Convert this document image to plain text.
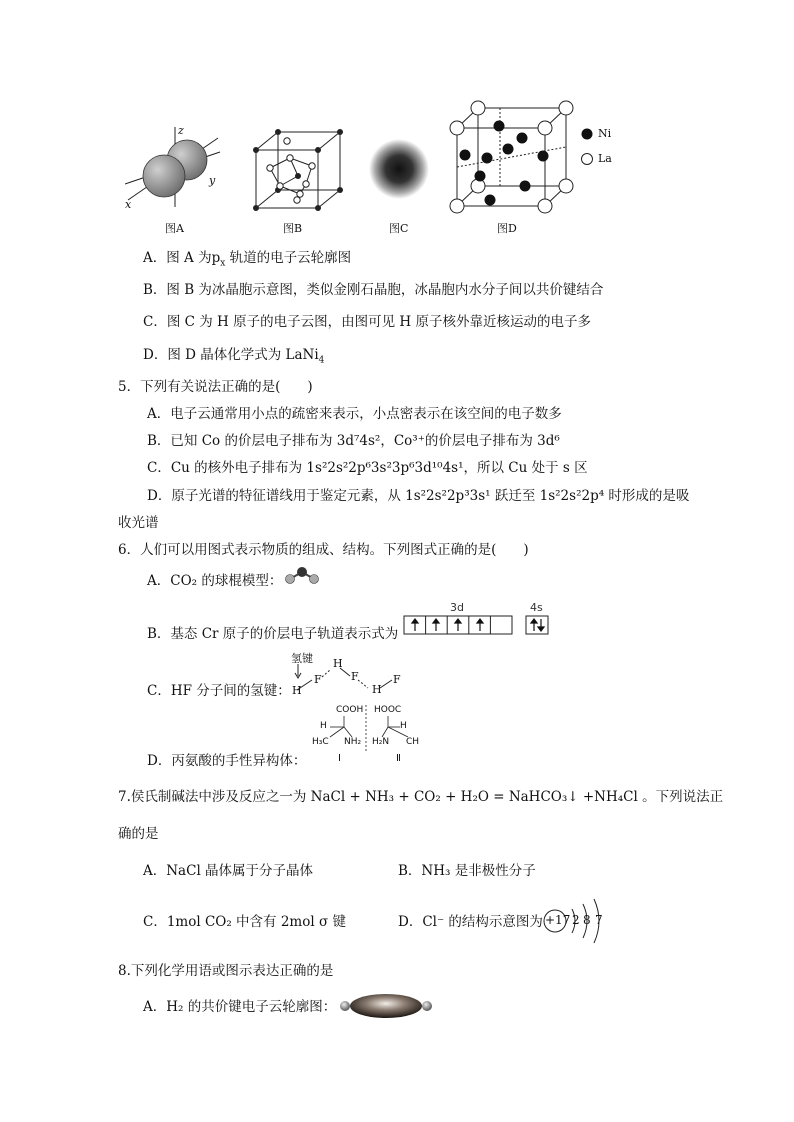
z
y
x
图A	图B	图C	图D
Ni
La
A．图 A 为$p_x$ 轨道的电子云轮廓图
B．图 B 为冰晶胞示意图，类似金刚石晶胞，冰晶胞内水分子间以共价键结合
C．图 C 为 H 原子的电子云图，由图可见 H 原子核外靠近核运动的电子多
D．图 D 晶体化学式为 LaNi$_4$
5．下列有关说法正确的是(　　)
A．电子云通常用小点的疏密来表示，小点密表示在该空间的电子数多
B．已知 Co 的价层电子排布为 3d⁷4s²，Co³⁺的价层电子排布为 3d⁶
C．Cu 的核外电子排布为 1s²2s²2p⁶3s²3p⁶3d¹⁰4s¹，所以 Cu 处于 s 区
D．原子光谱的特征谱线用于鉴定元素，从 1s²2s²2p³3s¹ 跃迁至 1s²2s²2p⁴ 时形成的是吸
收光谱
6．人们可以用图式表示物质的组成、结构。下列图式正确的是(　　)
A．CO₂ 的球棍模型：
B．基态 Cr 原子的价层电子轨道表示式为
3d	4s
C．HF 分子间的氢键：
氢键
H
F
H
F
H
F
D．丙氨酸的手性异构体：
COOH HOOC
H	H
H₃C NH₂ H₂N CH
Ⅰ	Ⅱ
7.侯氏制碱法中涉及反应之一为 NaCl + NH₃ + CO₂ + H₂O = NaHCO₃↓ +NH₄Cl 。下列说法正
确的是
A．NaCl 晶体属于分子晶体	B．NH₃ 是非极性分子
C．1mol CO₂ 中含有 2mol σ 键	D．Cl⁻ 的结构示意图为 +17 2 8 7
8.下列化学用语或图示表达正确的是
A．H₂ 的共价键电子云轮廓图：
